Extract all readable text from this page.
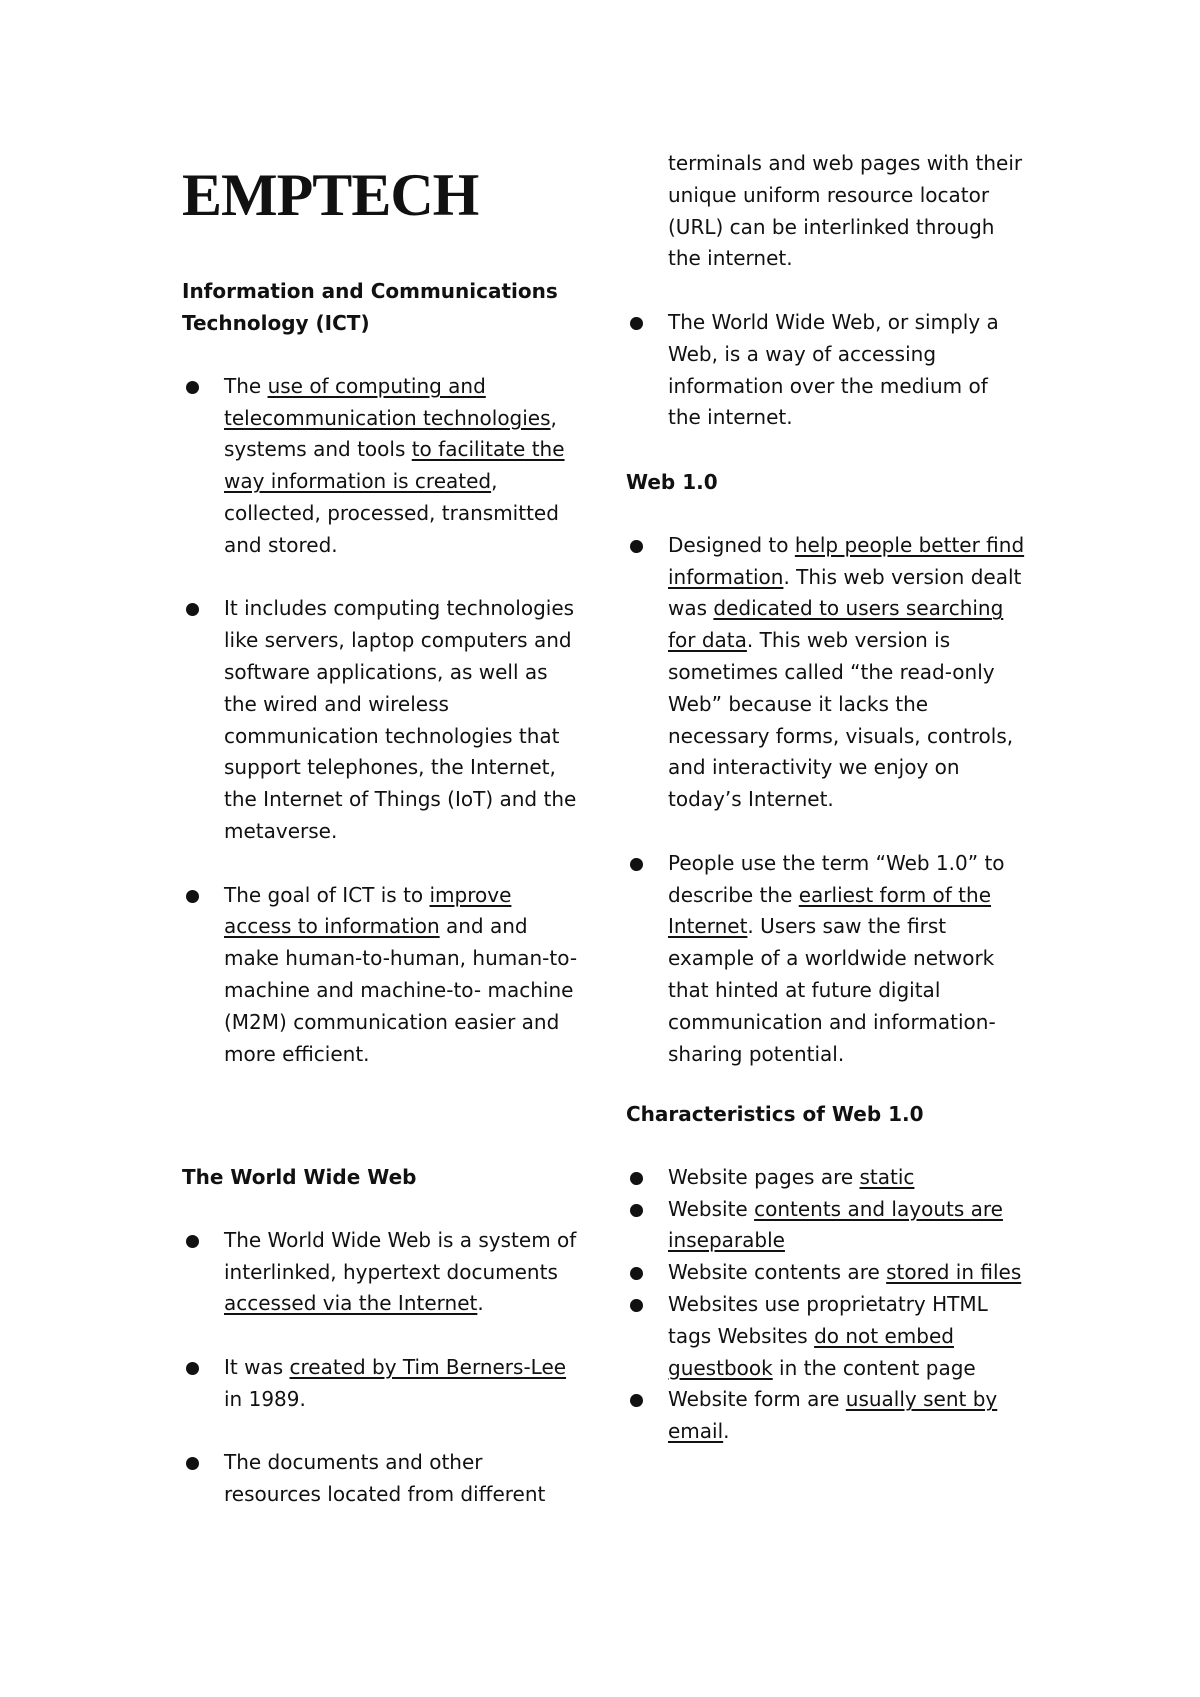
EMPTECH

Information and Communications Technology (ICT)

The use of computing and telecommunication technologies, systems and tools to facilitate the way information is created, collected, processed, transmitted and stored.
It includes computing technologies like servers, laptop computers and software applications, as well as the wired and wireless communication technologies that support telephones, the Internet, the Internet of Things (IoT) and the metaverse.
The goal of ICT is to improve access to information and and make human-to-human, human-to-machine and machine-to- machine (M2M) communication easier and more efficient.

The World Wide Web

The World Wide Web is a system of interlinked, hypertext documents accessed via the Internet.
It was created by Tim Berners-Lee in 1989.
The documents and other resources located from different
terminals and web pages with their unique uniform resource locator (URL) can be interlinked through the internet.
The World Wide Web, or simply a Web, is a way of accessing information over the medium of the internet.

Web 1.0

Designed to help people better find information. This web version dealt was dedicated to users searching for data. This web version is sometimes called “the read-only Web” because it lacks the necessary forms, visuals, controls, and interactivity we enjoy on today’s Internet.
People use the term “Web 1.0” to describe the earliest form of the Internet. Users saw the first example of a worldwide network that hinted at future digital communication and information-sharing potential.

Characteristics of Web 1.0

Website pages are static
Website contents and layouts are inseparable
Website contents are stored in files
Websites use proprietatry HTML tags Websites do not embed guestbook in the content page
Website form are usually sent by email.
